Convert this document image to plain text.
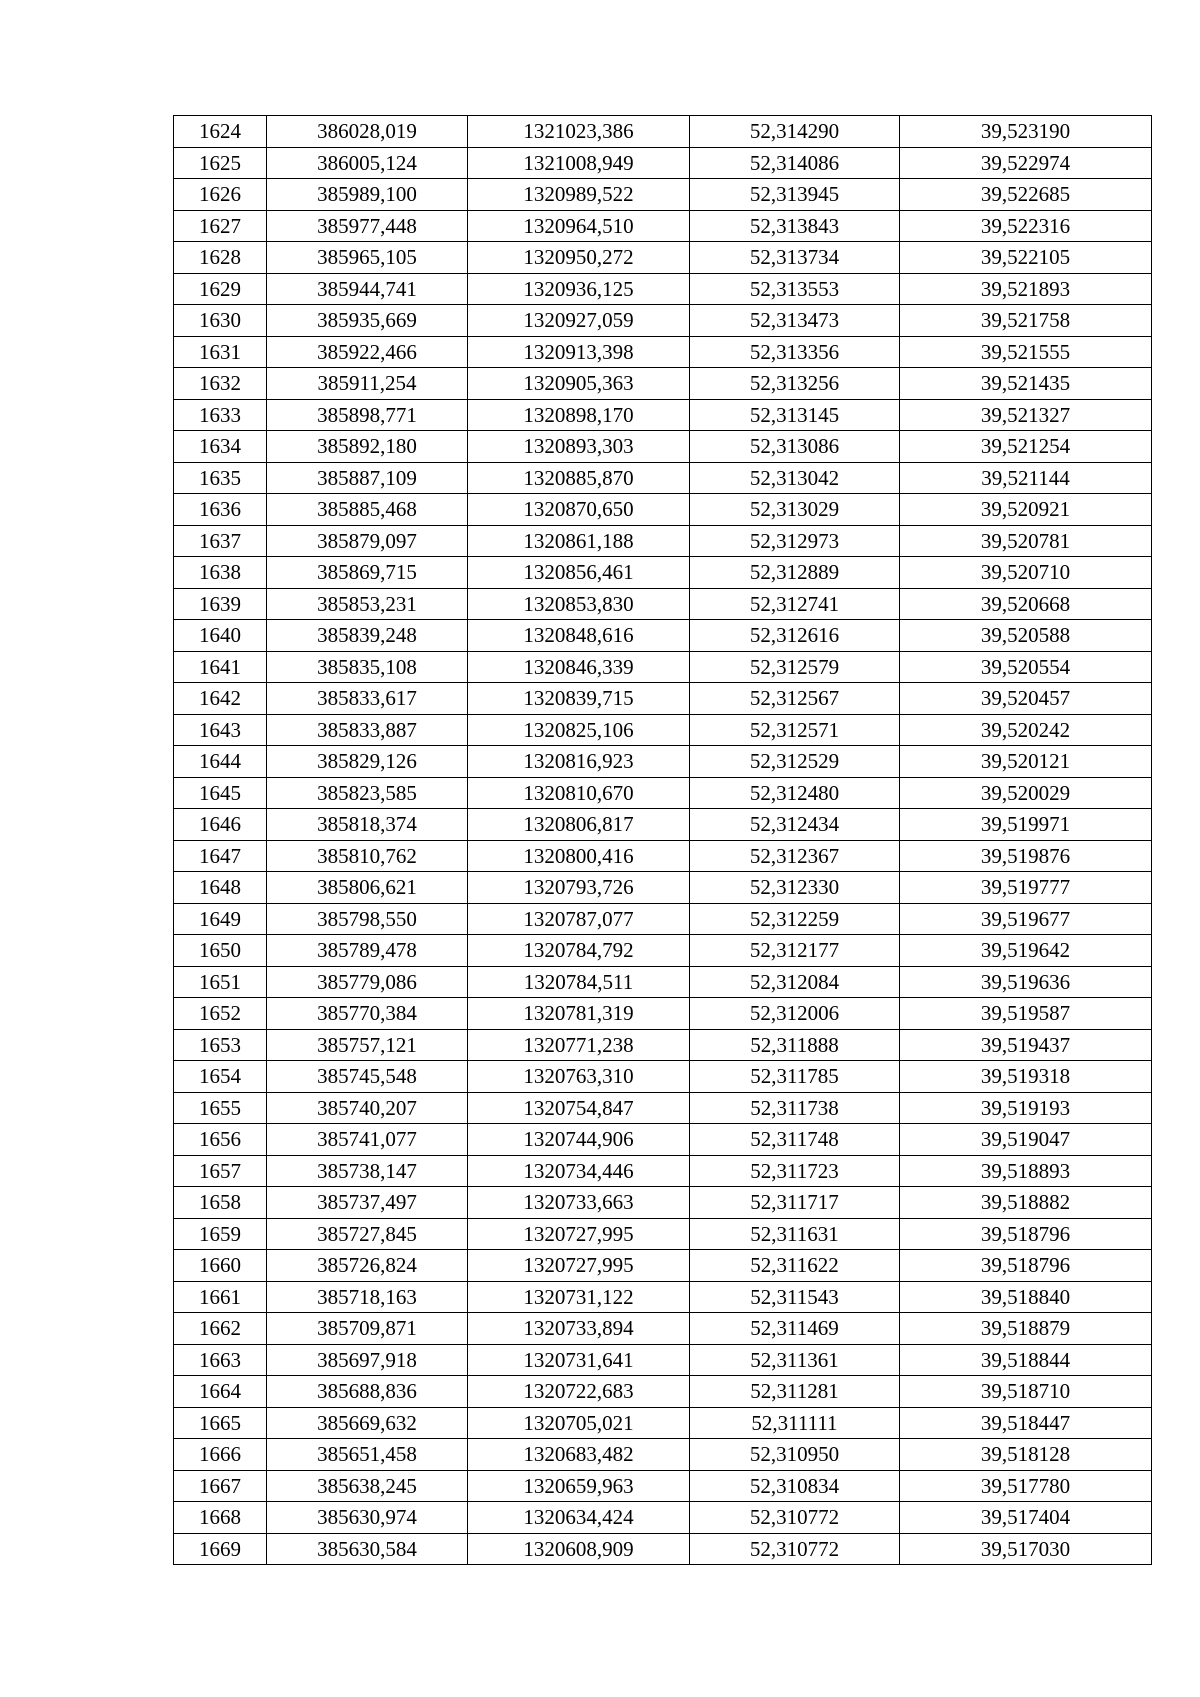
1624	386028,019	1321023,386	52,314290	39,523190
1625	386005,124	1321008,949	52,314086	39,522974
1626	385989,100	1320989,522	52,313945	39,522685
1627	385977,448	1320964,510	52,313843	39,522316
1628	385965,105	1320950,272	52,313734	39,522105
1629	385944,741	1320936,125	52,313553	39,521893
1630	385935,669	1320927,059	52,313473	39,521758
1631	385922,466	1320913,398	52,313356	39,521555
1632	385911,254	1320905,363	52,313256	39,521435
1633	385898,771	1320898,170	52,313145	39,521327
1634	385892,180	1320893,303	52,313086	39,521254
1635	385887,109	1320885,870	52,313042	39,521144
1636	385885,468	1320870,650	52,313029	39,520921
1637	385879,097	1320861,188	52,312973	39,520781
1638	385869,715	1320856,461	52,312889	39,520710
1639	385853,231	1320853,830	52,312741	39,520668
1640	385839,248	1320848,616	52,312616	39,520588
1641	385835,108	1320846,339	52,312579	39,520554
1642	385833,617	1320839,715	52,312567	39,520457
1643	385833,887	1320825,106	52,312571	39,520242
1644	385829,126	1320816,923	52,312529	39,520121
1645	385823,585	1320810,670	52,312480	39,520029
1646	385818,374	1320806,817	52,312434	39,519971
1647	385810,762	1320800,416	52,312367	39,519876
1648	385806,621	1320793,726	52,312330	39,519777
1649	385798,550	1320787,077	52,312259	39,519677
1650	385789,478	1320784,792	52,312177	39,519642
1651	385779,086	1320784,511	52,312084	39,519636
1652	385770,384	1320781,319	52,312006	39,519587
1653	385757,121	1320771,238	52,311888	39,519437
1654	385745,548	1320763,310	52,311785	39,519318
1655	385740,207	1320754,847	52,311738	39,519193
1656	385741,077	1320744,906	52,311748	39,519047
1657	385738,147	1320734,446	52,311723	39,518893
1658	385737,497	1320733,663	52,311717	39,518882
1659	385727,845	1320727,995	52,311631	39,518796
1660	385726,824	1320727,995	52,311622	39,518796
1661	385718,163	1320731,122	52,311543	39,518840
1662	385709,871	1320733,894	52,311469	39,518879
1663	385697,918	1320731,641	52,311361	39,518844
1664	385688,836	1320722,683	52,311281	39,518710
1665	385669,632	1320705,021	52,311111	39,518447
1666	385651,458	1320683,482	52,310950	39,518128
1667	385638,245	1320659,963	52,310834	39,517780
1668	385630,974	1320634,424	52,310772	39,517404
1669	385630,584	1320608,909	52,310772	39,517030
